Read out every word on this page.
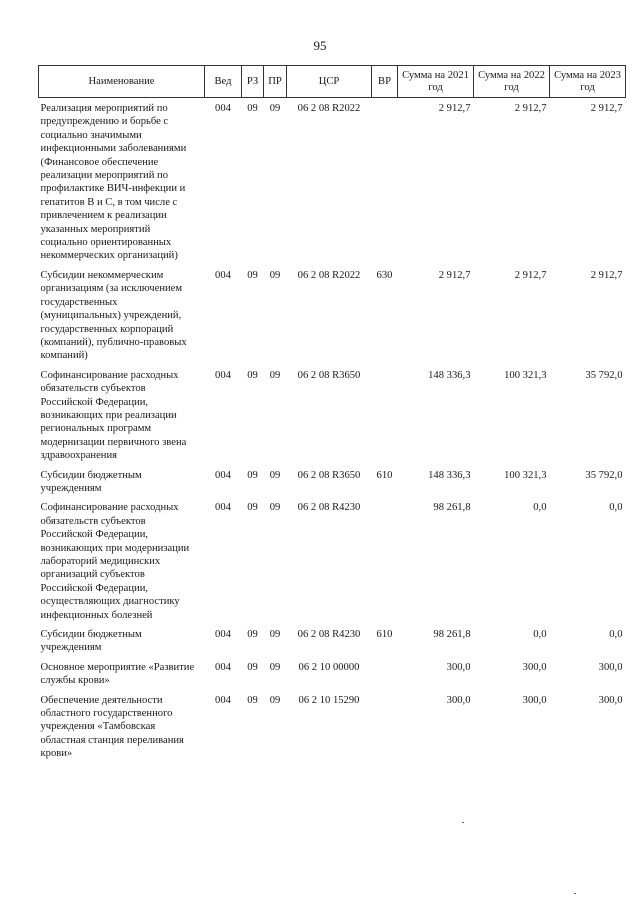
95
Наименование	Вед	РЗ	ПР	ЦСР	ВР	Сумма на 2021 год	Сумма на 2022 год	Сумма на 2023 год
Реализация мероприятий по предупреждению и борьбе с социально значимыми инфекционными заболеваниями (Финансовое обеспечение реализации мероприятий по профилактике ВИЧ-инфекции и гепатитов В и С, в том числе с привлечением к реализации указанных мероприятий социально ориентированных некоммерческих организаций)	004	09	09	06 2 08 R2022		2 912,7	2 912,7	2 912,7
Субсидии некоммерческим организациям (за исключением государственных (муниципальных) учреждений, государственных корпораций (компаний), публично-правовых компаний)	004	09	09	06 2 08 R2022	630	2 912,7	2 912,7	2 912,7
Софинансирование расходных обязательств субъектов Российской Федерации, возникающих при реализации региональных программ модернизации первичного звена здравоохранения	004	09	09	06 2 08 R3650		148 336,3	100 321,3	35 792,0
Субсидии бюджетным учреждениям	004	09	09	06 2 08 R3650	610	148 336,3	100 321,3	35 792,0
Софинансирование расходных обязательств субъектов Российской Федерации, возникающих при модернизации лабораторий медицинских организаций субъектов Российской Федерации, осуществляющих диагностику инфекционных болезней	004	09	09	06 2 08 R4230		98 261,8	0,0	0,0
Субсидии бюджетным учреждениям	004	09	09	06 2 08 R4230	610	98 261,8	0,0	0,0
Основное мероприятие «Развитие службы крови»	004	09	09	06 2 10 00000		300,0	300,0	300,0
Обеспечение деятельности областного государственного учреждения «Тамбовская областная станция переливания крови»	004	09	09	06 2 10 15290		300,0	300,0	300,0
